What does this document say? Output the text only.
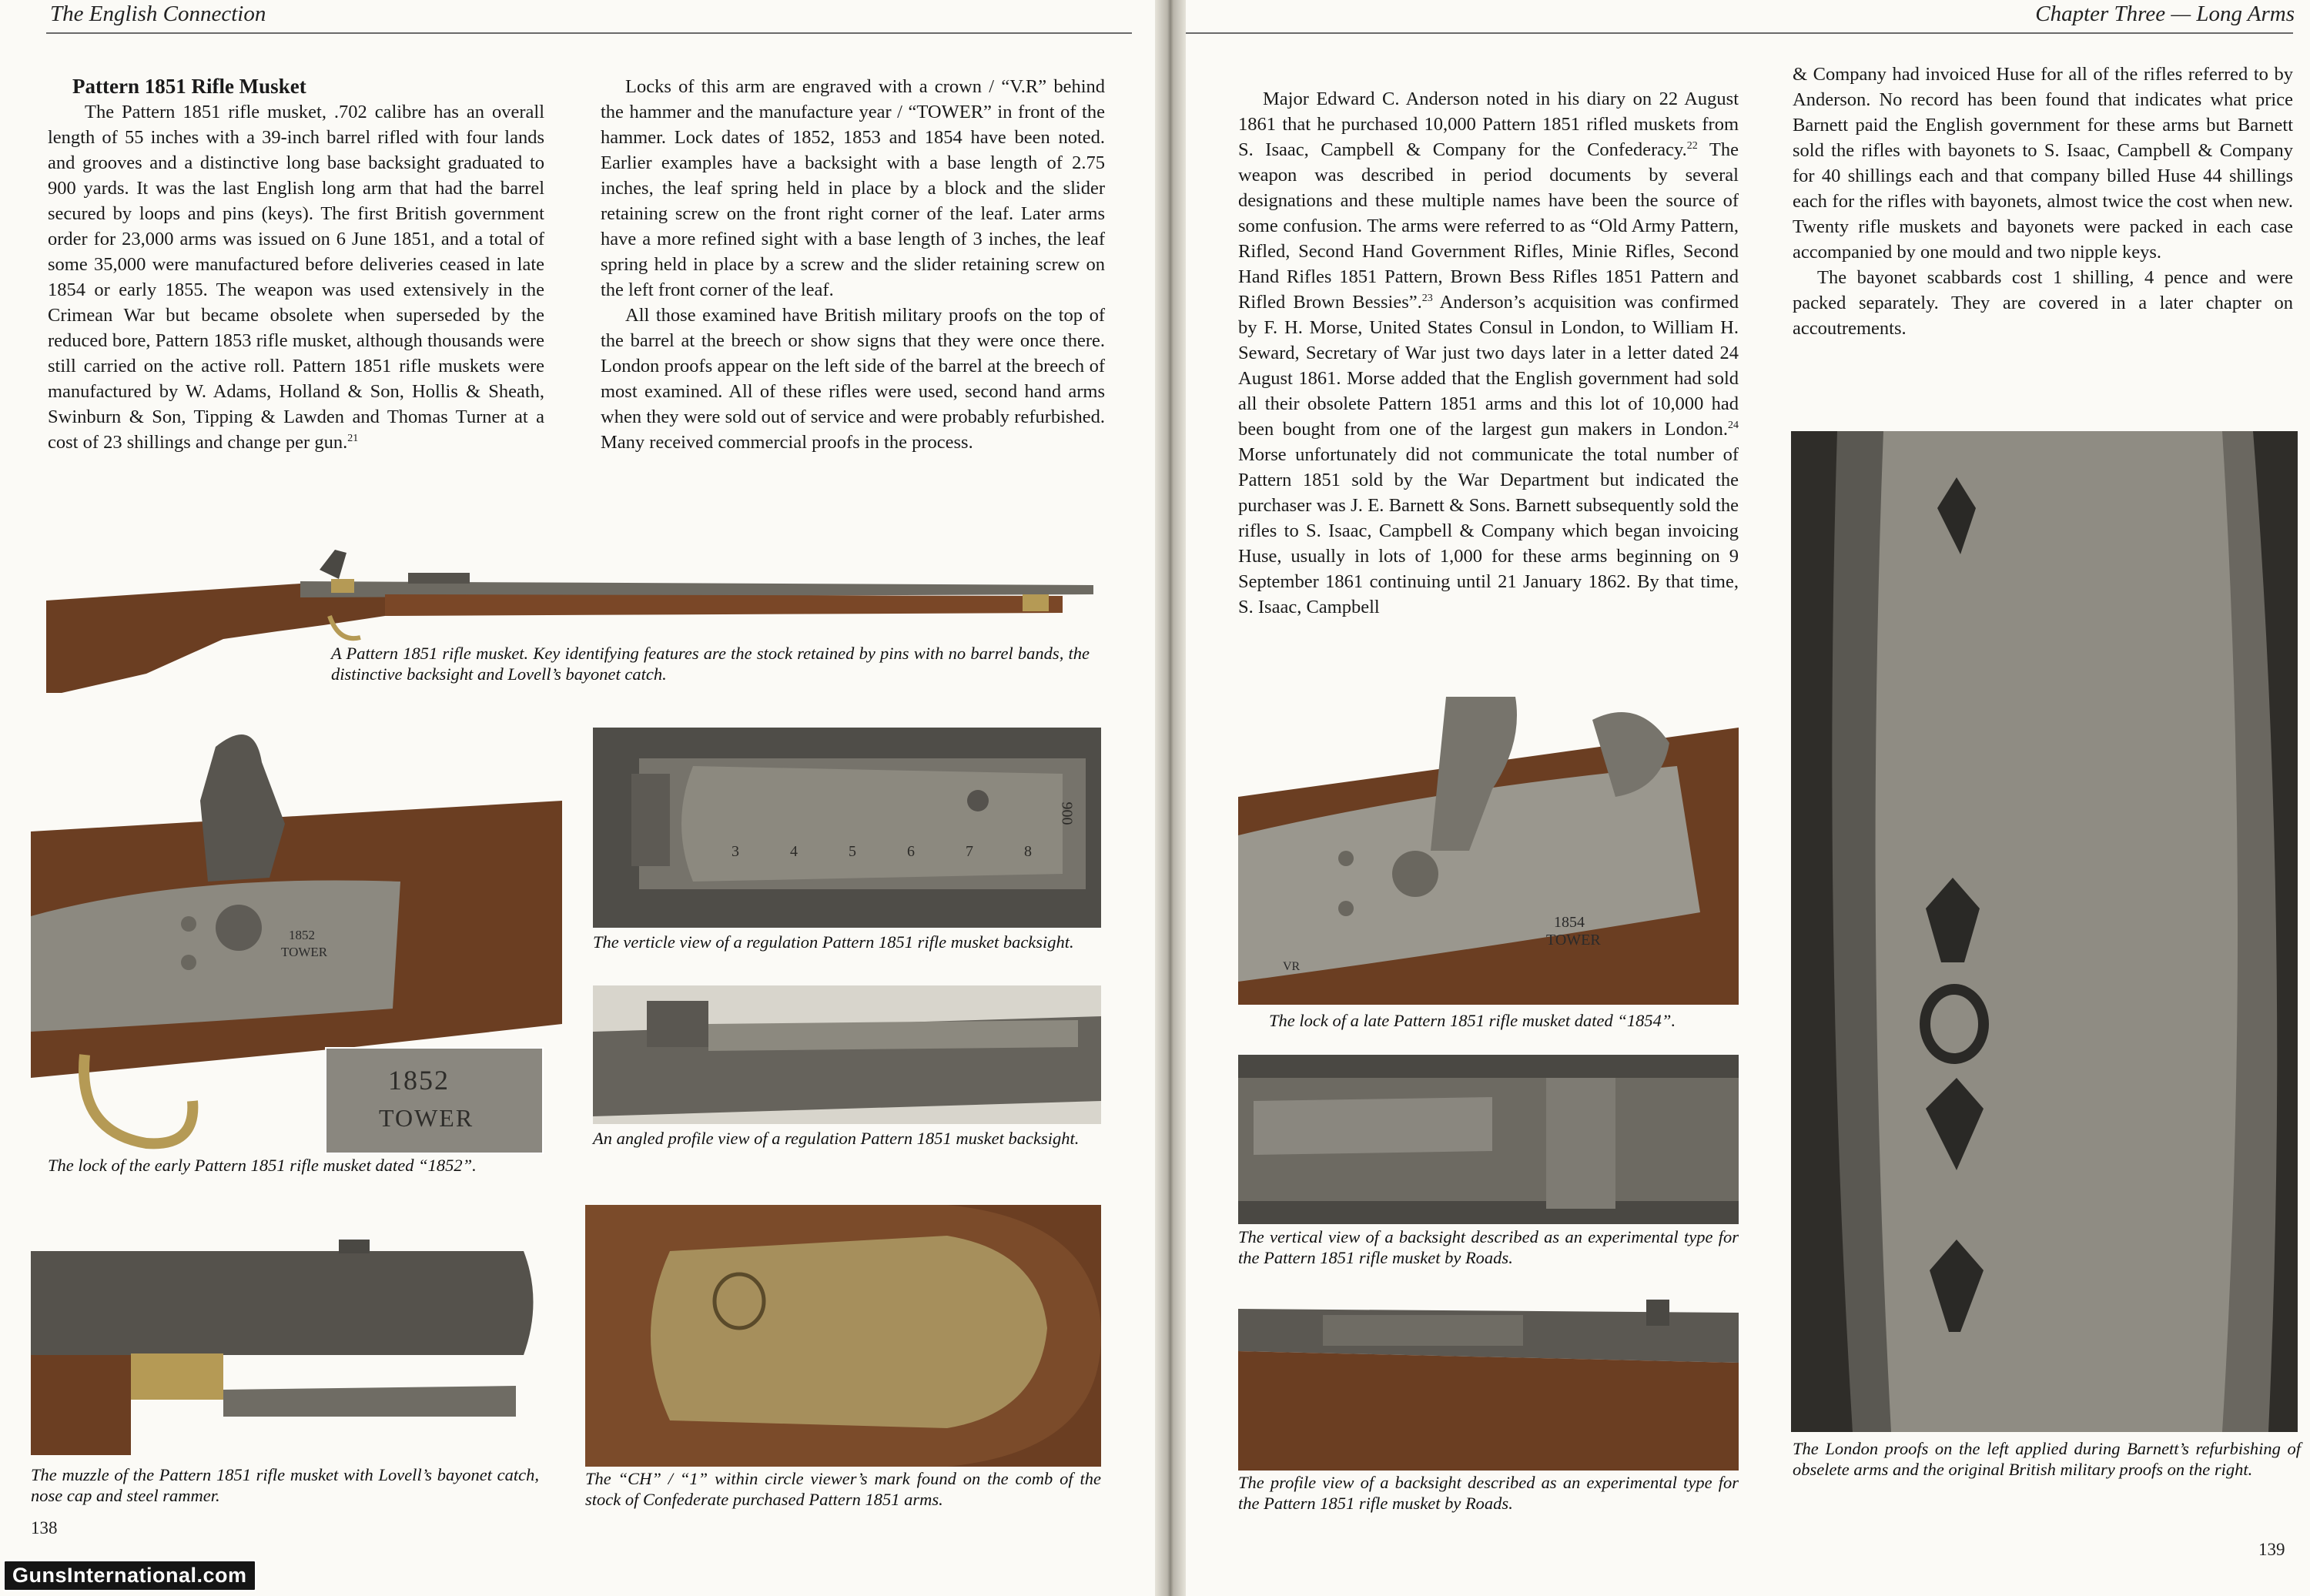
The English Connection

Pattern 1851 Rifle Musket

The Pattern 1851 rifle musket, .702 calibre has an overall length of 55 inches with a 39-inch barrel rifled with four lands and grooves and a distinctive long base backsight graduated to 900 yards. It was the last English long arm that had the barrel secured by loops and pins (keys). The first British government order for 23,000 arms was issued on 6 June 1851, and a total of some 35,000 were manufactured before deliveries ceased in late 1854 or early 1855. The weapon was used extensively in the Crimean War but became obsolete when superseded by the reduced bore, Pattern 1853 rifle musket, although thousands were still carried on the active roll. Pattern 1851 rifle muskets were manufactured by W. Adams, Holland & Son, Hollis & Sheath, Swinburn & Son, Tipping & Lawden and Thomas Turner at a cost of 23 shillings and change per gun.$^{21}$

Locks of this arm are engraved with a crown / “V.R” behind the hammer and the manufacture year / “TOWER” in front of the hammer. Lock dates of 1852, 1853 and 1854 have been noted. Earlier examples have a backsight with a base length of 2.75 inches, the leaf spring held in place by a block and the slider retaining screw on the front right corner of the leaf. Later arms have a more refined sight with a base length of 3 inches, the leaf spring held in place by a screw and the slider retaining screw on the left front corner of the leaf.

All those examined have British military proofs on the top of the barrel at the breech or show signs that they were once there. London proofs appear on the left side of the barrel at the breech of most examined. All of these rifles were used, second hand arms when they were sold out of service and were probably refurbished. Many received commercial proofs in the process.

A Pattern 1851 rifle musket. Key identifying features are the stock retained by pins with no barrel bands, the distinctive backsight and Lovell’s bayonet catch.
1852
TOWER
1852
TOWER
The lock of the early Pattern 1851 rifle musket dated “1852”.
3	4	5	6	7	8
900
The verticle view of a regulation Pattern 1851 rifle musket backsight.
An angled profile view of a regulation Pattern 1851 musket backsight.
The muzzle of the Pattern 1851 rifle musket with Lovell’s bayonet catch, nose cap and steel rammer.
The “CH” / “1” within circle viewer’s mark found on the comb of the stock of Confederate purchased Pattern 1851 arms.
138
Chapter Three — Long Arms

Major Edward C. Anderson noted in his diary on 22 August 1861 that he purchased 10,000 Pattern 1851 rifled muskets from S. Isaac, Campbell & Company for the Confederacy.$^{22}$ The weapon was described in period documents by several designations and these multiple names have been the source of some confusion. The arms were referred to as “Old Army Pattern, Rifled, Second Hand Government Rifles, Minie Rifles, Second Hand Rifles 1851 Pattern, Brown Bess Rifles 1851 Pattern and Rifled Brown Bessies”.$^{23}$ Anderson’s acquisition was confirmed by F. H. Morse, United States Consul in London, to William H. Seward, Secretary of War just two days later in a letter dated 24 August 1861. Morse added that the English government had sold all their obsolete Pattern 1851 arms and this lot of 10,000 had been bought from one of the largest gun makers in London.$^{24}$ Morse unfortunately did not communicate the total number of Pattern 1851 sold by the War Department but indicated the purchaser was J. E. Barnett & Sons. Barnett subsequently sold the rifles to S. Isaac, Campbell & Company which began invoicing Huse, usually in lots of 1,000 for these arms beginning on 9 September 1861 continuing until 21 January 1862. By that time, S. Isaac, Campbell

& Company had invoiced Huse for all of the rifles referred to by Anderson. No record has been found that indicates what price Barnett paid the English government for these arms but Barnett sold the rifles with bayonets to S. Isaac, Campbell & Company for 40 shillings each and that company billed Huse 44 shillings each for the rifles with bayonets, almost twice the cost when new. Twenty rifle muskets and bayonets were packed in each case accompanied by one mould and two nipple keys.

The bayonet scabbards cost 1 shilling, 4 pence and were packed separately. They are covered in a later chapter on accoutrements.

1854
TOWER
VR
The lock of a late Pattern 1851 rifle musket dated “1854”.
The vertical view of a backsight described as an experimental type for the Pattern 1851 rifle musket by Roads.
The profile view of a backsight described as an experimental type for the Pattern 1851 rifle musket by Roads.
The London proofs on the left applied during Barnett’s refurbishing of obselete arms and the original British military proofs on the right.
139
GunsInternational.com
